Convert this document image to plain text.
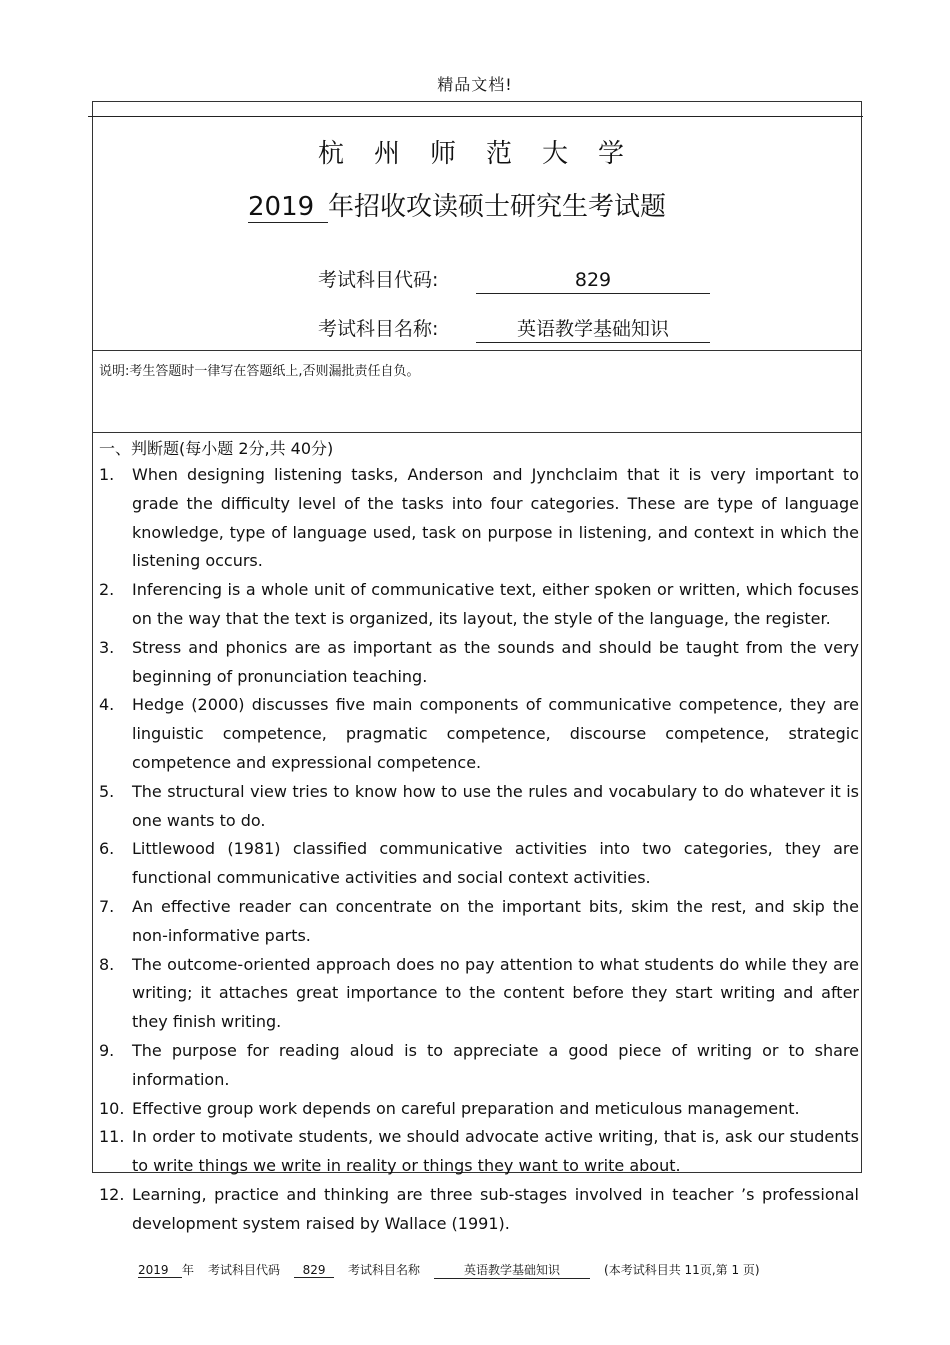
精品文档!
杭州师范大学
2019 年招收攻读硕士研究生考试题
考试科目代码:	829
考试科目名称:	英语教学基础知识
说明:考生答题时一律写在答题纸上,否则漏批责任自负。
一、判断题(每小题 2分,共 40分)
1.	When designing listening tasks, Anderson and Jynchclaim that it is very important to grade the difficulty level of the tasks into four categories. These are type of language knowledge, type of language used, task on purpose in listening, and context in which the listening occurs.
2.	Inferencing is a whole unit of communicative text, either spoken or written, which focuses on the way that the text is organized, its layout, the style of the language, the register.
3.	Stress and phonics are as important as the sounds and should be taught from the very beginning of pronunciation teaching.
4.	Hedge (2000) discusses five main components of communicative competence, they are linguistic competence, pragmatic competence, discourse competence, strategic competence and expressional competence.
5.	The structural view tries to know how to use the rules and vocabulary to do whatever it is one wants to do.
6.	Littlewood (1981) classified communicative activities into two categories, they are functional communicative activities and social context activities.
7.	An effective reader can concentrate on the important bits, skim the rest, and skip the non-informative parts.
8.	The outcome-oriented approach does no pay attention to what students do while they are writing; it attaches great importance to the content before they start writing and after they finish writing.
9.	The purpose for reading aloud is to appreciate a good piece of writing or to share information.
10. Effective group work depends on careful preparation and meticulous management.
11. In order to motivate students, we should advocate active writing, that is, ask our students to write things we write in reality or things they want to write about.
12. Learning, practice and thinking are three sub-stages involved in teacher ’s professional development system raised by Wallace (1991).
2019 年 考试科目代码 829 考试科目名称	英语教学基础知识	(本考试科目共 11页,第 1 页)
